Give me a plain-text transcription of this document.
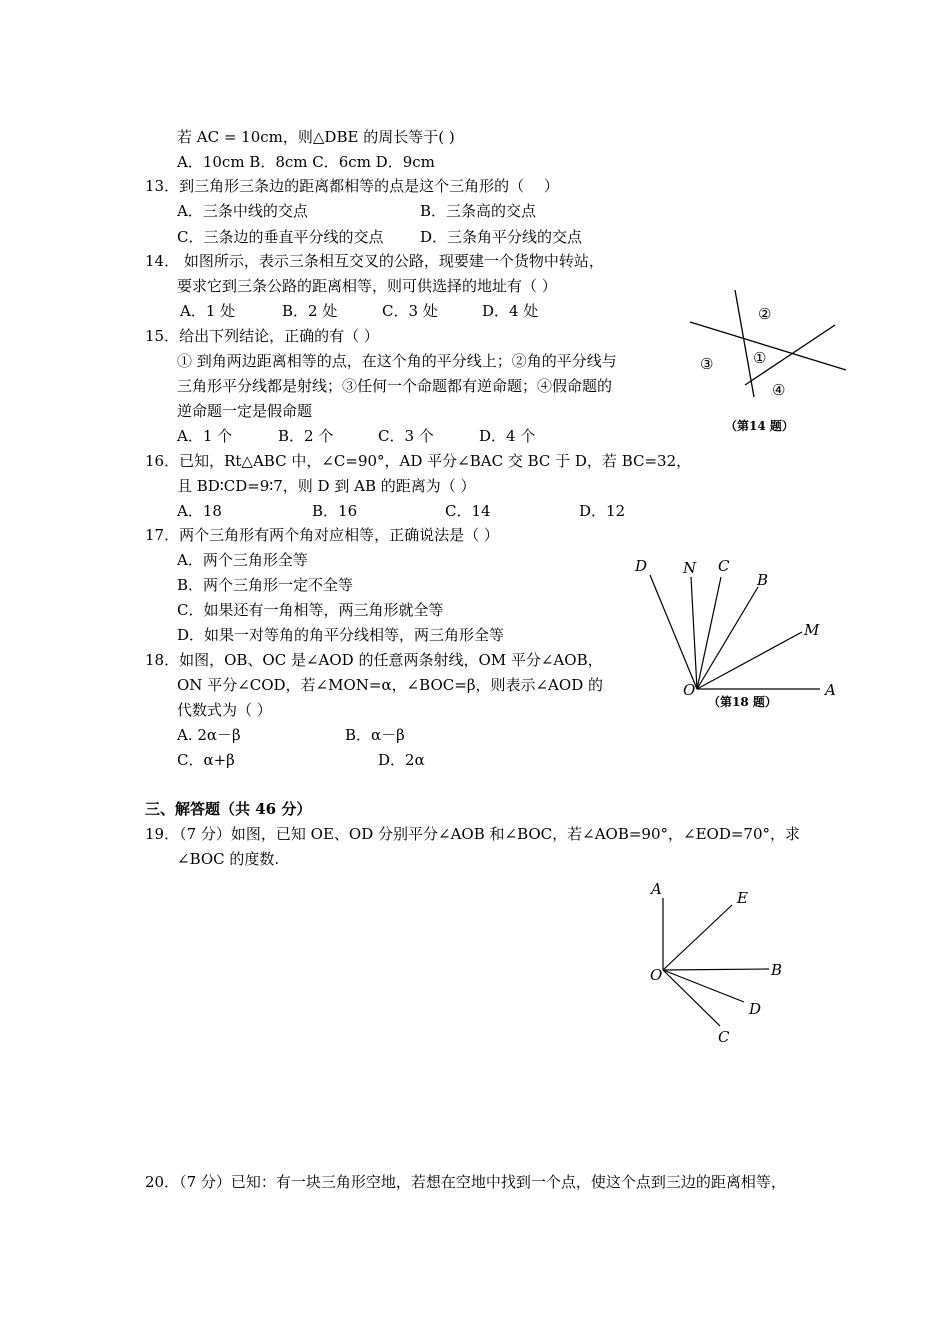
若 AC = 10cm，则△DBE 的周长等于( )
A．10cm B．8cm C．6cm D．9cm
13．到三角形三条边的距离都相等的点是这个三角形的（　 ）
A．三条中线的交点	B．三条高的交点
C．三条边的垂直平分线的交点 D．三条角平分线的交点
14． 如图所示，表示三条相互交叉的公路，现要建一个货物中转站，
要求它到三条公路的距离相等，则可供选择的地址有（ ）
A．1 处	B．2 处	C．3 处	D．4 处
15．给出下列结论，正确的有（ ）
① 到角两边距离相等的点，在这个角的平分线上；②角的平分线与
三角形平分线都是射线；③任何一个命题都有逆命题；④假命题的
逆命题一定是假命题
A．1 个	B．2 个	C．3 个	D．4 个
16．已知，Rt△ABC 中，∠C=90°，AD 平分∠BAC 交 BC 于 D，若 BC=32，
且 BD∶CD=9∶7，则 D 到 AB 的距离为（ ）
A．18	B．16	C．14	D．12
17．两个三角形有两个角对应相等，正确说法是（ ）
A．两个三角形全等
B．两个三角形一定不全等
C．如果还有一角相等，两三角形就全等
D．如果一对等角的角平分线相等，两三角形全等
18．如图，OB、OC 是∠AOD 的任意两条射线，OM 平分∠AOB，
ON 平分∠COD，若∠MON=α，∠BOC=β，则表示∠AOD 的
代数式为（ ）
A. 2α－β	B．α－β
C．α+β	D．2α
三、解答题（共 46 分）
19．（7 分）如图，已知 OE、OD 分别平分∠AOB 和∠BOC，若∠AOB=90°，∠EOD=70°，求
∠BOC 的度数.
20．（7 分）已知：有一块三角形空地，若想在空地中找到一个点，使这个点到三边的距离相等，
②
①
③
④
（第14 题）
D N C
B
M
O	A
（第18 题）
A	E
O	B
D
C
